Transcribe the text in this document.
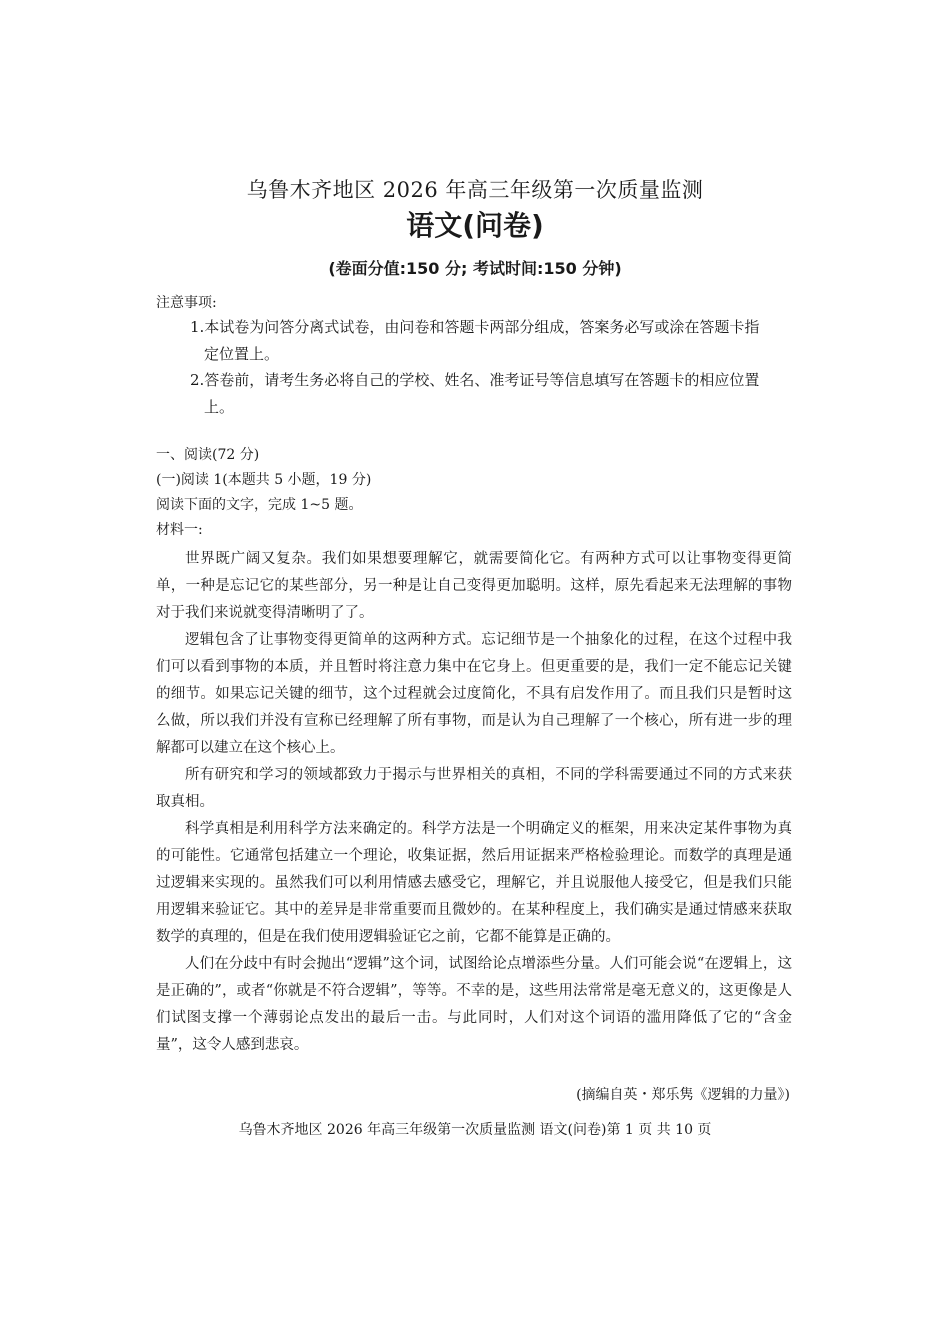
乌鲁木齐地区 2026 年高三年级第一次质量监测
语文(问卷)
(卷面分值:150 分; 考试时间:150 分钟)
注意事项:
1.本试卷为问答分离式试卷，由问卷和答题卡两部分组成，答案务必写或涂在答题卡指
定位置上。
2.答卷前，请考生务必将自己的学校、姓名、准考证号等信息填写在答题卡的相应位置
上。
一、阅读(72 分)
(一)阅读 1(本题共 5 小题，19 分)
阅读下面的文字，完成 1~5 题。
材料一:

世界既广阔又复杂。我们如果想要理解它，就需要简化它。有两种方式可以让事物变得更简单，一种是忘记它的某些部分，另一种是让自己变得更加聪明。这样，原先看起来无法理解的事物对于我们来说就变得清晰明了了。

逻辑包含了让事物变得更简单的这两种方式。忘记细节是一个抽象化的过程，在这个过程中我们可以看到事物的本质，并且暂时将注意力集中在它身上。但更重要的是，我们一定不能忘记关键的细节。如果忘记关键的细节，这个过程就会过度简化，不具有启发作用了。而且我们只是暂时这么做，所以我们并没有宣称已经理解了所有事物，而是认为自己理解了一个核心，所有进一步的理解都可以建立在这个核心上。

所有研究和学习的领域都致力于揭示与世界相关的真相，不同的学科需要通过不同的方式来获取真相。

科学真相是利用科学方法来确定的。科学方法是一个明确定义的框架，用来决定某件事物为真的可能性。它通常包括建立一个理论，收集证据，然后用证据来严格检验理论。而数学的真理是通过逻辑来实现的。虽然我们可以利用情感去感受它，理解它，并且说服他人接受它，但是我们只能用逻辑来验证它。其中的差异是非常重要而且微妙的。在某种程度上，我们确实是通过情感来获取数学的真理的，但是在我们使用逻辑验证它之前，它都不能算是正确的。

人们在分歧中有时会抛出“逻辑”这个词，试图给论点增添些分量。人们可能会说“在逻辑上，这是正确的”，或者“你就是不符合逻辑”，等等。不幸的是，这些用法常常是毫无意义的，这更像是人们试图支撑一个薄弱论点发出的最后一击。与此同时，人们对这个词语的滥用降低了它的“含金量”，这令人感到悲哀。

(摘编自英・郑乐隽《逻辑的力量》)
乌鲁木齐地区 2026 年高三年级第一次质量监测 语文(问卷)第 1 页 共 10 页
